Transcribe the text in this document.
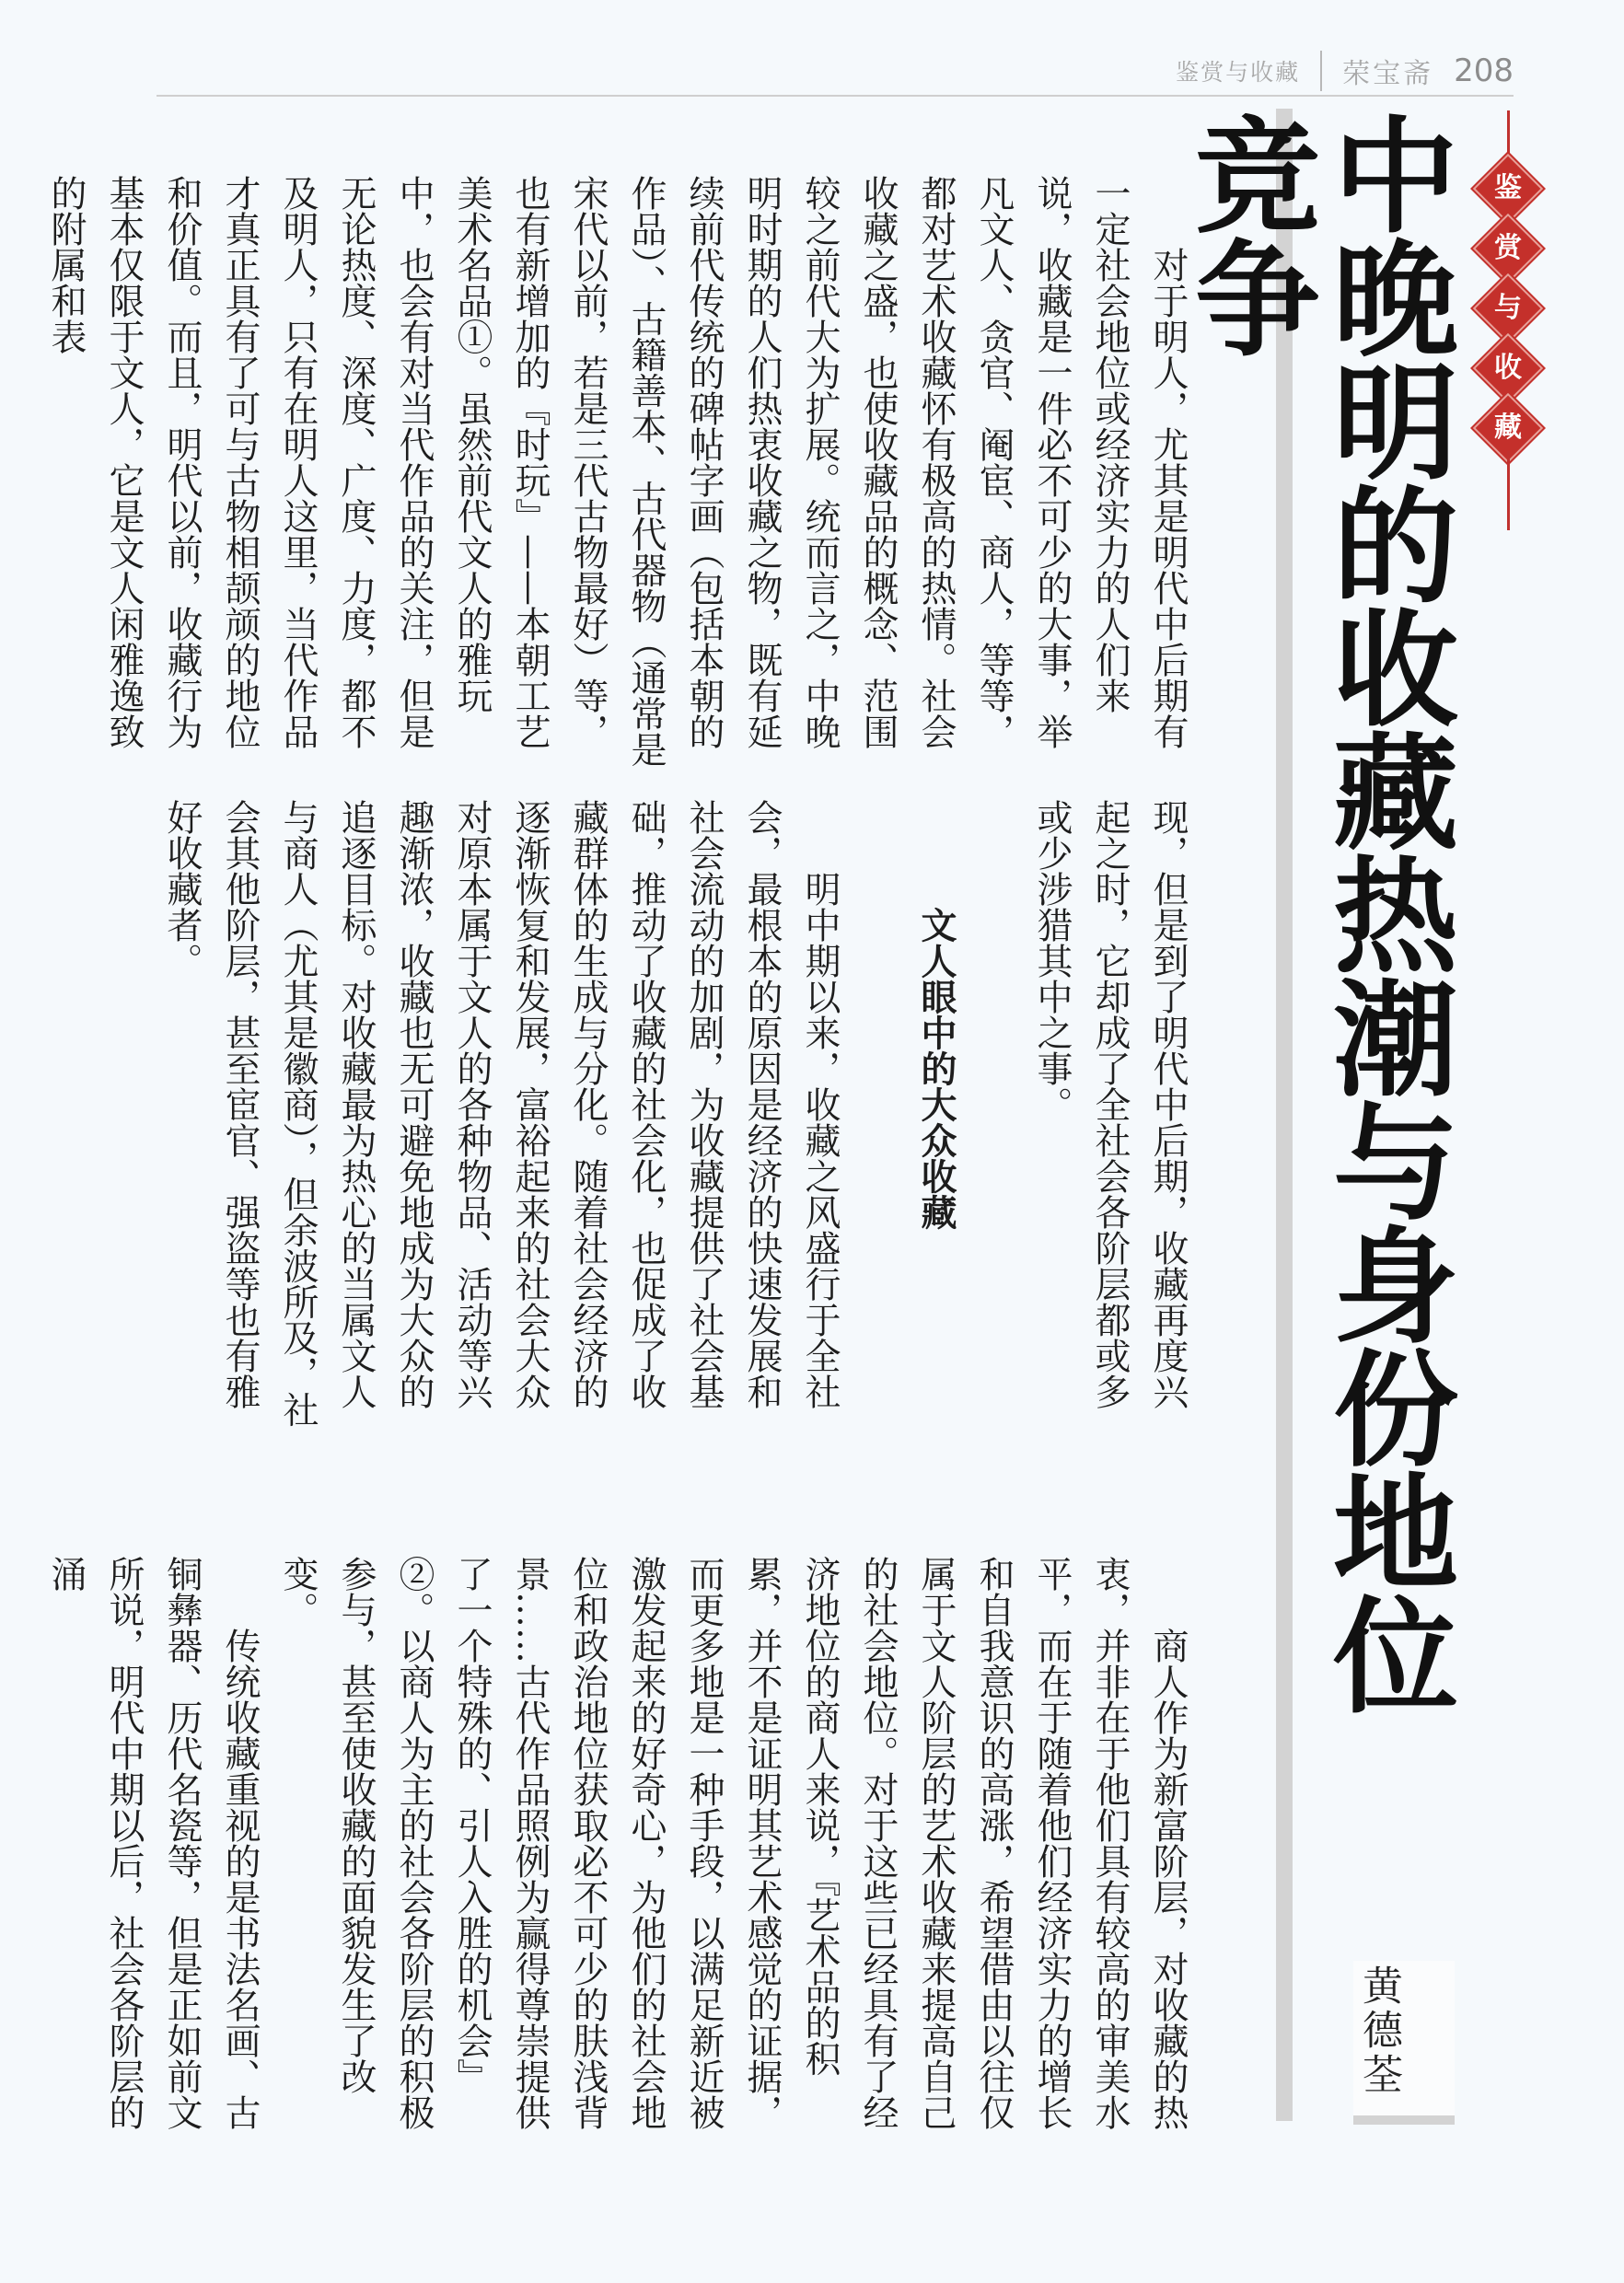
鉴赏与收藏 荣宝斋 208
鉴
赏
与
收
藏
中晚明的收藏热潮与身份地位竞争
黄德荃

对于明人，尤其是明代中后期有一定社会地位或经济实力的人们来说，收藏是一件必不可少的大事，举凡文人、贪官、阉宦、商人，等等，都对艺术收藏怀有极高的热情。社会收藏之盛，也使收藏品的概念、范围较之前代大为扩展。统而言之，中晚明时期的人们热衷收藏之物，既有延续前代传统的碑帖字画（包括本朝的作品）、古籍善本、古代器物（通常是宋代以前，若是三代古物最好）等，也有新增加的『时玩』——本朝工艺美术名品①。虽然前代文人的雅玩中，也会有对当代作品的关注，但是无论热度、深度、广度、力度，都不及明人，只有在明人这里，当代作品才真正具有了可与古物相颉颃的地位和价值。而且，明代以前，收藏行为基本仅限于文人，它是文人闲雅逸致的附属和表

现，但是到了明代中后期，收藏再度兴起之时，它却成了全社会各阶层都或多或少涉猎其中之事。

文人眼中的大众收藏

明中期以来，收藏之风盛行于全社会，最根本的原因是经济的快速发展和社会流动的加剧，为收藏提供了社会基础，推动了收藏的社会化，也促成了收藏群体的生成与分化。随着社会经济的逐渐恢复和发展，富裕起来的社会大众对原本属于文人的各种物品、活动等兴趣渐浓，收藏也无可避免地成为大众的追逐目标。对收藏最为热心的当属文人与商人（尤其是徽商），但余波所及，社会其他阶层，甚至宦官、强盗等也有雅好收藏者。

商人作为新富阶层，对收藏的热衷，并非在于他们具有较高的审美水平，而在于随着他们经济实力的增长和自我意识的高涨，希望借由以往仅属于文人阶层的艺术收藏来提高自己的社会地位。对于这些已经具有了经济地位的商人来说，『艺术品的积累，并不是证明其艺术感觉的证据，而更多地是一种手段，以满足新近被激发起来的好奇心，为他们的社会地位和政治地位获取必不可少的肤浅背景……古代作品照例为赢得尊崇提供了一个特殊的、引人入胜的机会』②。以商人为主的社会各阶层的积极参与，甚至使收藏的面貌发生了改变。

传统收藏重视的是书法名画、古铜彝器、历代名瓷等，但是正如前文所说，明代中期以后，社会各阶层的涌
